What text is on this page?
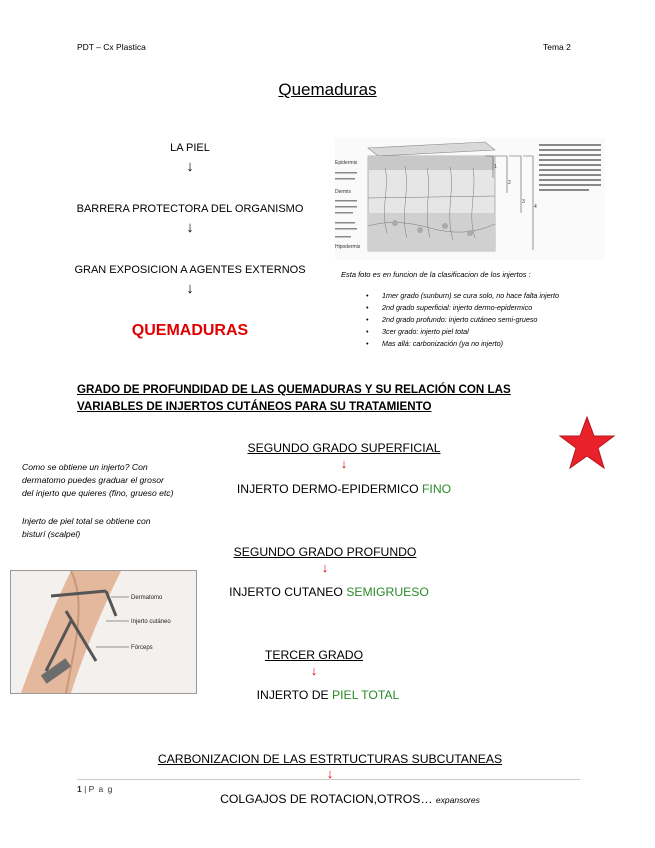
PDT – Cx Plastica	Tema 2
Quemaduras
LA PIEL
↓
BARRERA PROTECTORA DEL ORGANISMO
↓
GRAN EXPOSICION A AGENTES EXTERNOS
↓
QUEMADURAS
1
2
3
4
Epidermis
Dermis
Hipodermis
Esta foto es en funcion de la clasificacion de los injertos :
• 1mer grado (sunburn) se cura solo, no hace falta injerto
• 2nd grado superficial: injerto dermo-epidermico
• 2nd grado profundo: injerto cutáneo semi-grueso
• 3cer grado: injerto piel total
• Mas allá: carbonización (ya no injerto)
GRADO DE PROFUNDIDAD DE LAS QUEMADURAS Y SU RELACIÓN CON LAS
VARIABLES DE INJERTOS CUTÁNEOS PARA SU TRATAMIENTO
Como se obtiene un injerto? Con
dermatomo puedes graduar el grosor
del injerto que quieres (fino, grueso etc)
Injerto de piel total se obtiene con
bisturí (scalpel)
SEGUNDO GRADO SUPERFICIAL
↓
INJERTO DERMO-EPIDERMICO FINO
SEGUNDO GRADO PROFUNDO
↓
INJERTO CUTANEO SEMIGRUESO
Dermatomo
Injerto cutáneo
Fórceps	TERCER GRADO
↓
INJERTO DE PIEL TOTAL
CARBONIZACION DE LAS ESTRTUCTURAS SUBCUTANEAS
↓
COLGAJOS DE ROTACION,OTROS… expansores
1 | P a g
